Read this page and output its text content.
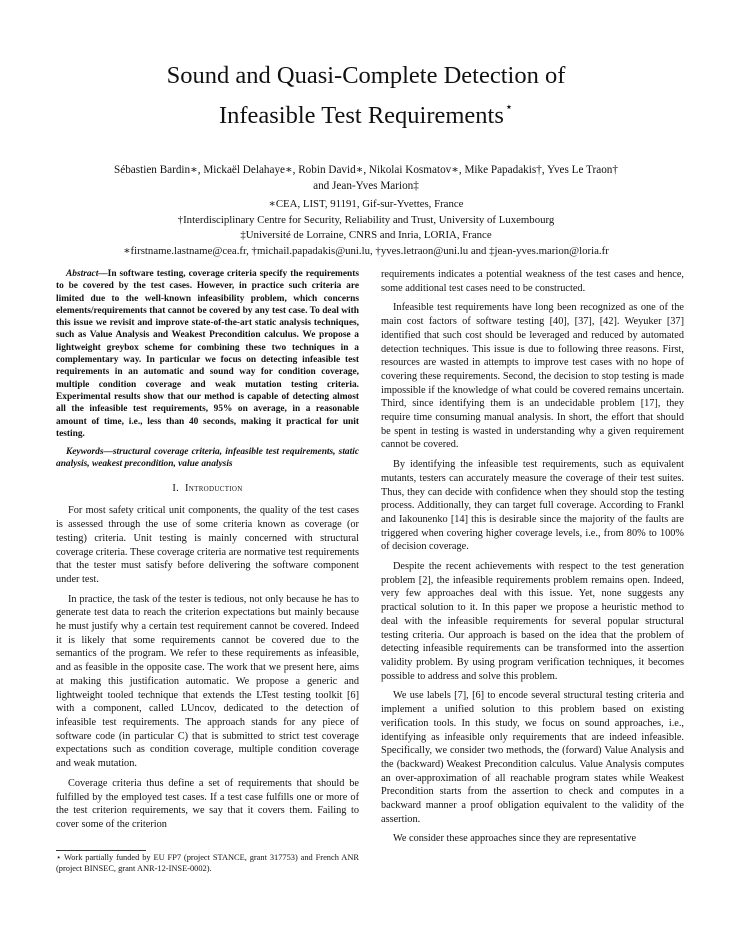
Sound and Quasi-Complete Detection of
Infeasible Test Requirements⋆
Sébastien Bardin∗, Mickaël Delahaye∗, Robin David∗, Nikolai Kosmatov∗, Mike Papadakis†, Yves Le Traon†
and Jean-Yves Marion‡
∗CEA, LIST, 91191, Gif-sur-Yvettes, France
†Interdisciplinary Centre for Security, Reliability and Trust, University of Luxembourg
‡Université de Lorraine, CNRS and Inria, LORIA, France
∗firstname.lastname@cea.fr, †michail.papadakis@uni.lu, †yves.letraon@uni.lu and ‡jean-yves.marion@loria.fr

Abstract—In software testing, coverage criteria specify the requirements to be covered by the test cases. However, in practice such criteria are limited due to the well-known infeasibility problem, which concerns elements/requirements that cannot be covered by any test case. To deal with this issue we revisit and improve state-of-the-art static analysis techniques, such as Value Analysis and Weakest Precondition calculus. We propose a lightweight greybox scheme for combining these two techniques in a complementary way. In particular we focus on detecting infeasible test requirements in an automatic and sound way for condition coverage, multiple condition coverage and weak mutation testing criteria. Experimental results show that our method is capable of detecting almost all the infeasible test requirements, 95% on average, in a reasonable amount of time, i.e., less than 40 seconds, making it practical for unit testing.

Keywords—structural coverage criteria, infeasible test requirements, static analysis, weakest precondition, value analysis

I. Introduction

For most safety critical unit components, the quality of the test cases is assessed through the use of some criteria known as coverage (or testing) criteria. Unit testing is mainly concerned with structural coverage criteria. These coverage criteria are normative test requirements that the tester must satisfy before delivering the software component under test.

In practice, the task of the tester is tedious, not only because he has to generate test data to reach the criterion expectations but mainly because he must justify why a certain test requirement cannot be covered. Indeed it is likely that some requirements cannot be covered due to the semantics of the program. We refer to these requirements as infeasible, and as feasible in the opposite case. The work that we present here, aims at making this justification automatic. We propose a generic and lightweight tooled technique that extends the LTest testing toolkit [6] with a component, called LUncov, dedicated to the detection of infeasible test requirements. The approach stands for any piece of software code (in particular C) that is submitted to strict test coverage expectations such as condition coverage, multiple condition coverage and weak mutation.

Coverage criteria thus define a set of requirements that should be fulfilled by the employed test cases. If a test case fulfills one or more of the test criterion requirements, we say that it covers them. Failing to cover some of the criterion

requirements indicates a potential weakness of the test cases and hence, some additional test cases need to be constructed.

Infeasible test requirements have long been recognized as one of the main cost factors of software testing [40], [37], [42]. Weyuker [37] identified that such cost should be leveraged and reduced by automated detection techniques. This issue is due to following three reasons. First, resources are wasted in attempts to improve test cases with no hope of covering these requirements. Second, the decision to stop testing is made impossible if the knowledge of what could be covered remains uncertain. Third, since identifying them is an undecidable problem [17], they require time consuming manual analysis. In short, the effort that should be spent in testing is wasted in understanding why a given requirement cannot be covered.

By identifying the infeasible test requirements, such as equivalent mutants, testers can accurately measure the coverage of their test suites. Thus, they can decide with confidence when they should stop the testing process. Additionally, they can target full coverage. According to Frankl and Iakounenko [14] this is desirable since the majority of the faults are triggered when covering higher coverage levels, i.e., from 80% to 100% of decision coverage.

Despite the recent achievements with respect to the test generation problem [2], the infeasible requirements problem remains open. Indeed, very few approaches deal with this issue. Yet, none suggests any practical solution to it. In this paper we propose a heuristic method to deal with the infeasible requirements for several popular structural testing criteria. Our approach is based on the idea that the problem of detecting infeasible requirements can be transformed into the assertion validity problem. By using program verification techniques, it becomes possible to address and solve this problem.

We use labels [7], [6] to encode several structural testing criteria and implement a unified solution to this problem based on existing verification tools. In this study, we focus on sound approaches, i.e., identifying as infeasible only requirements that are indeed infeasible. Specifically, we consider two methods, the (forward) Value Analysis and the (backward) Weakest Precondition calculus. Value Analysis computes an over-approximation of all reachable program states while Weakest Precondition starts from the assertion to check and computes in a backward manner a proof obligation equivalent to the validity of the assertion.

We consider these approaches since they are representative

⋆ Work partially funded by EU FP7 (project STANCE, grant 317753) and French ANR (project BINSEC, grant ANR-12-INSE-0002).
